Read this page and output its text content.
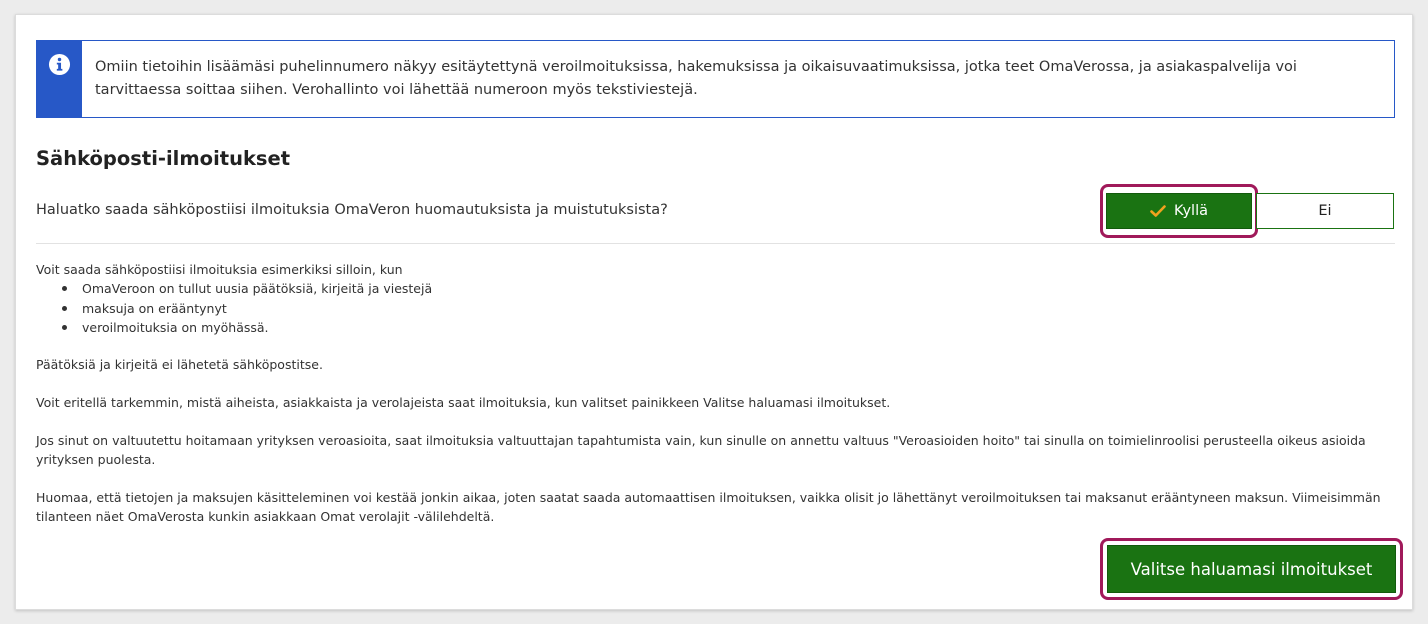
Omiin tietoihin lisäämäsi puhelinnumero näkyy esitäytettynä veroilmoituksissa, hakemuksissa ja oikaisuvaatimuksissa, jotka teet OmaVerossa, ja asiakaspalvelija voi tarvittaessa soittaa siihen. Verohallinto voi lähettää numeroon myös tekstiviestejä.

Sähköposti-ilmoitukset

Haluatko saada sähköpostiisi ilmoituksia OmaVeron huomautuksista ja muistutuksista?	Kyllä	Ei

Voit saada sähköpostiisi ilmoituksia esimerkiksi silloin, kun

OmaVeroon on tullut uusia päätöksiä, kirjeitä ja viestejä
maksuja on erääntynyt
veroilmoituksia on myöhässä.

Päätöksiä ja kirjeitä ei lähetetä sähköpostitse.

Voit eritellä tarkemmin, mistä aiheista, asiakkaista ja verolajeista saat ilmoituksia, kun valitset painikkeen Valitse haluamasi ilmoitukset.

Jos sinut on valtuutettu hoitamaan yrityksen veroasioita, saat ilmoituksia valtuuttajan tapahtumista vain, kun sinulle on annettu valtuus "Veroasioiden hoito" tai sinulla on toimielinroolisi perusteella oikeus asioida yrityksen puolesta.

Huomaa, että tietojen ja maksujen käsitteleminen voi kestää jonkin aikaa, joten saatat saada automaattisen ilmoituksen, vaikka olisit jo lähettänyt veroilmoituksen tai maksanut erääntyneen maksun. Viimeisimmän tilanteen näet OmaVerosta kunkin asiakkaan Omat verolajit -välilehdeltä.

Valitse haluamasi ilmoitukset
